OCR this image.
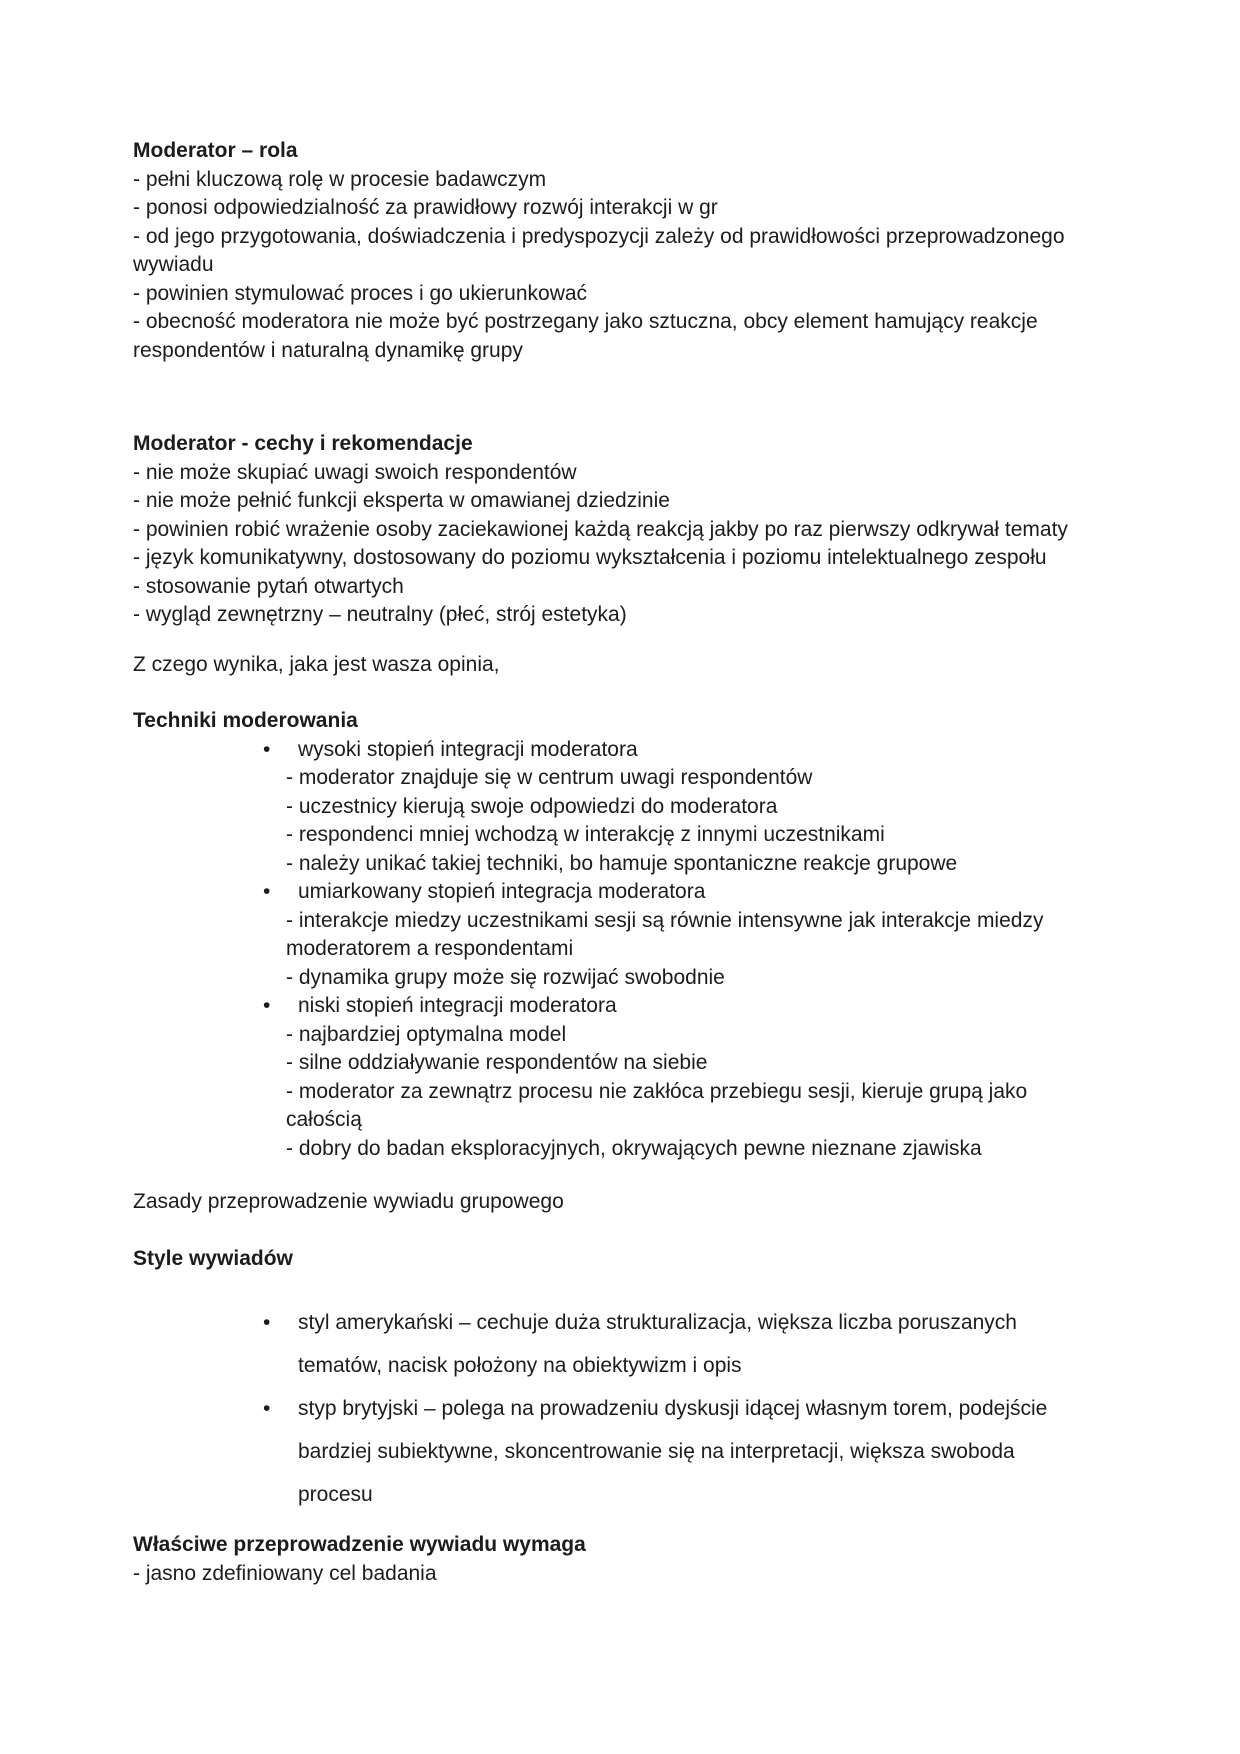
Moderator – rola
- pełni kluczową rolę w procesie badawczym
- ponosi odpowiedzialność za prawidłowy rozwój interakcji w gr
- od jego przygotowania, doświadczenia i predyspozycji zależy od prawidłowości przeprowadzonego
wywiadu
- powinien stymulować proces i go ukierunkować
- obecność moderatora nie może być postrzegany jako sztuczna, obcy element hamujący reakcje
respondentów i naturalną dynamikę grupy
Moderator - cechy i rekomendacje
- nie może skupiać uwagi swoich respondentów
- nie może pełnić funkcji eksperta w omawianej dziedzinie
- powinien robić wrażenie osoby zaciekawionej każdą reakcją jakby po raz pierwszy odkrywał tematy
- język komunikatywny, dostosowany do poziomu wykształcenia i poziomu intelektualnego zespołu
- stosowanie pytań otwartych
- wygląd zewnętrzny – neutralny (płeć, strój estetyka)
Z czego wynika, jaka jest wasza opinia,
Techniki moderowania
• wysoki stopień integracji moderatora
- moderator znajduje się w centrum uwagi respondentów
- uczestnicy kierują swoje odpowiedzi do moderatora
- respondenci mniej wchodzą w interakcję z innymi uczestnikami
- należy unikać takiej techniki, bo hamuje spontaniczne reakcje grupowe
• umiarkowany stopień integracja moderatora
- interakcje miedzy uczestnikami sesji są równie intensywne jak interakcje miedzy
moderatorem a respondentami
- dynamika grupy może się rozwijać swobodnie
• niski stopień integracji moderatora
- najbardziej optymalna model
- silne oddziaływanie respondentów na siebie
- moderator za zewnątrz procesu nie zakłóca przebiegu sesji, kieruje grupą jako
całością
- dobry do badan eksploracyjnych, okrywających pewne nieznane zjawiska
Zasady przeprowadzenie wywiadu grupowego
Style wywiadów
• styl amerykański – cechuje duża strukturalizacja, większa liczba poruszanych
tematów, nacisk położony na obiektywizm i opis
• styp brytyjski – polega na prowadzeniu dyskusji idącej własnym torem, podejście
bardziej subiektywne, skoncentrowanie się na interpretacji, większa swoboda
procesu
Właściwe przeprowadzenie wywiadu wymaga
- jasno zdefiniowany cel badania
